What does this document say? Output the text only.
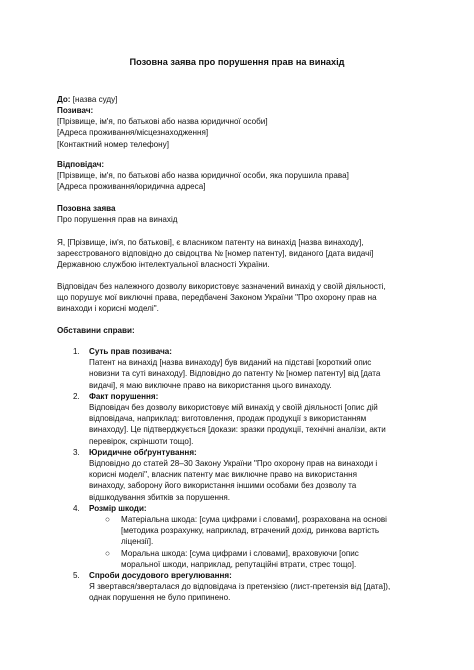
Позовна заява про порушення прав на винахід
До: [назва суду]
Позивач:
[Прізвище, ім'я, по батькові або назва юридичної особи]
[Адреса проживання/місцезнаходження]
[Контактний номер телефону]
Відповідач:
[Прізвище, ім'я, по батькові або назва юридичної особи, яка порушила права]
[Адреса проживання/юридична адреса]
Позовна заява
Про порушення прав на винахід
Я, [Прізвище, ім'я, по батькові], є власником патенту на винахід [назва винаходу],
зареєстрованого відповідно до свідоцтва № [номер патенту], виданого [дата видачі]
Державною службою інтелектуальної власності України.
Відповідач без належного дозволу використовує зазначений винахід у своїй діяльності,
що порушує мої виключні права, передбачені Законом України "Про охорону прав на
винаходи і корисні моделі".
Обставини справи:
1. Суть прав позивача:
Патент на винахід [назва винаходу] був виданий на підставі [короткий опис
новизни та суті винаходу]. Відповідно до патенту № [номер патенту] від [дата
видачі], я маю виключне право на використання цього винаходу.
2. Факт порушення:
Відповідач без дозволу використовує мій винахід у своїй діяльності [опис дій
відповідача, наприклад: виготовлення, продаж продукції з використанням
винаходу]. Це підтверджується [докази: зразки продукції, технічні аналізи, акти
перевірок, скріншоти тощо].
3. Юридичне обґрунтування:
Відповідно до статей 28–30 Закону України "Про охорону прав на винаходи і
корисні моделі", власник патенту має виключне право на використання
винаходу, заборону його використання іншими особами без дозволу та
відшкодування збитків за порушення.
4. Розмір шкоди:
○ Матеріальна шкода: [сума цифрами і словами], розрахована на основі
[методика розрахунку, наприклад, втрачений дохід, ринкова вартість
ліцензії].
○ Моральна шкода: [сума цифрами і словами], враховуючи [опис
моральної шкоди, наприклад, репутаційні втрати, стрес тощо].
5. Спроби досудового врегулювання:
Я звертався/зверталася до відповідача із претензією (лист-претензія від [дата]),
однак порушення не було припинено.
